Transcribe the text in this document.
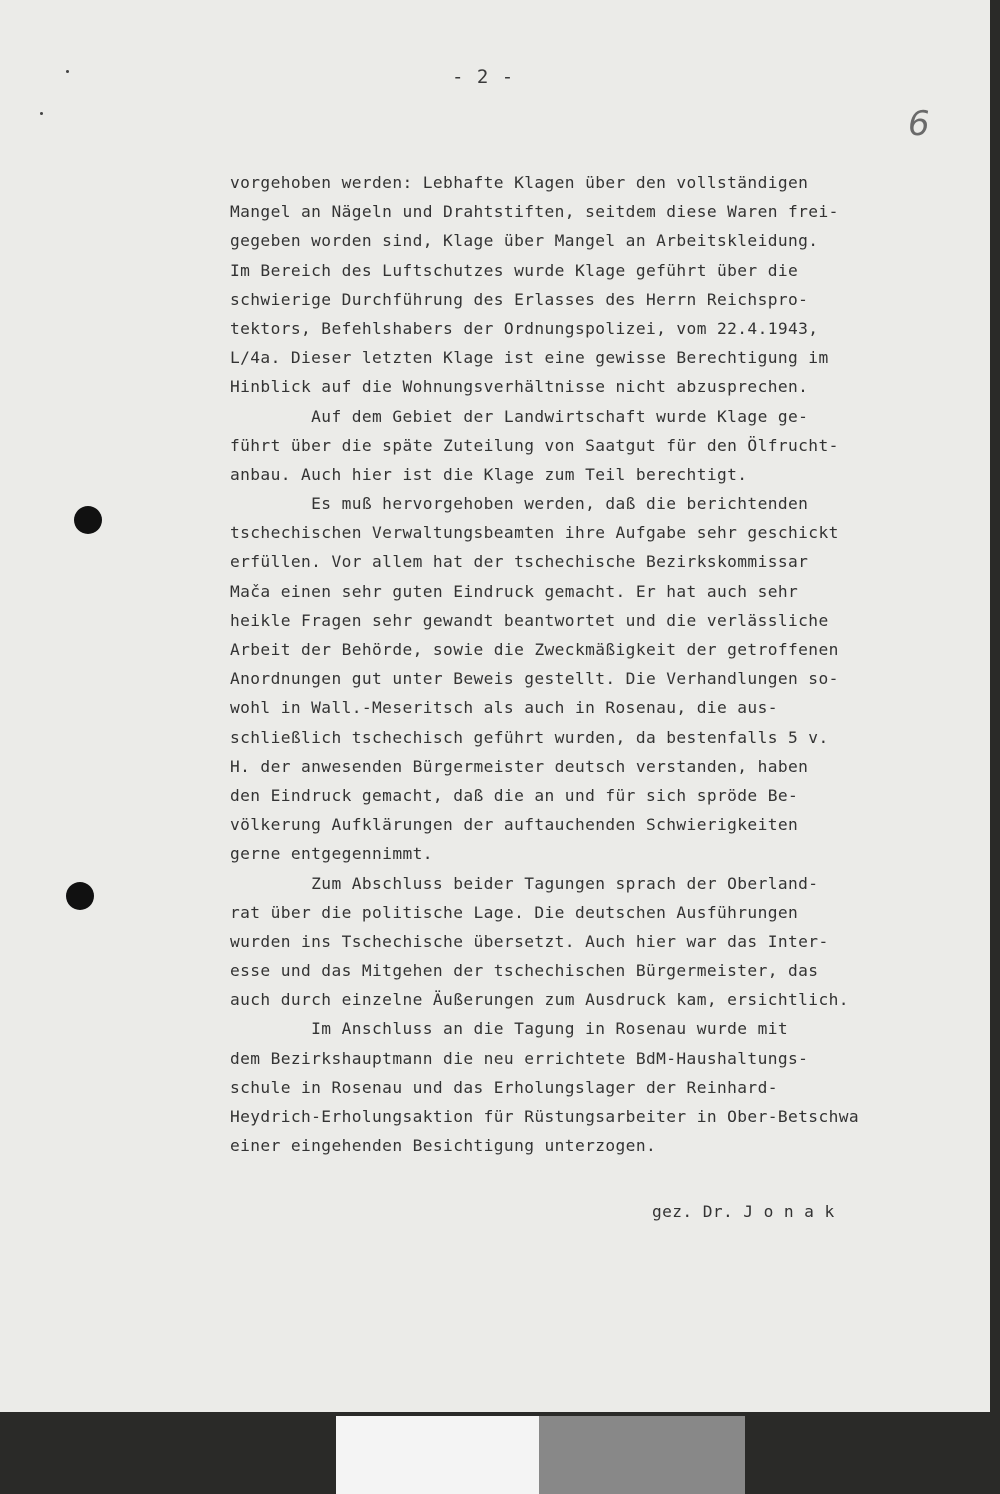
- 2 -
6
vorgehoben werden: Lebhafte Klagen über den vollständigen
Mangel an Nägeln und Drahtstiften, seitdem diese Waren frei-
gegeben worden sind, Klage über Mangel an Arbeitskleidung.
Im Bereich des Luftschutzes wurde Klage geführt über die
schwierige Durchführung des Erlasses des Herrn Reichspro-
tektors, Befehlshabers der Ordnungspolizei, vom 22.4.1943,
L/4a. Dieser letzten Klage ist eine gewisse Berechtigung im
Hinblick auf die Wohnungsverhältnisse nicht abzusprechen.
Auf dem Gebiet der Landwirtschaft wurde Klage ge-
führt über die späte Zuteilung von Saatgut für den Ölfrucht-
anbau. Auch hier ist die Klage zum Teil berechtigt.
Es muß hervorgehoben werden, daß die berichtenden
tschechischen Verwaltungsbeamten ihre Aufgabe sehr geschickt
erfüllen. Vor allem hat der tschechische Bezirkskommissar
Mača einen sehr guten Eindruck gemacht. Er hat auch sehr
heikle Fragen sehr gewandt beantwortet und die verlässliche
Arbeit der Behörde, sowie die Zweckmäßigkeit der getroffenen
Anordnungen gut unter Beweis gestellt. Die Verhandlungen so-
wohl in Wall.-Meseritsch als auch in Rosenau, die aus-
schließlich tschechisch geführt wurden, da bestenfalls 5 v.
H. der anwesenden Bürgermeister deutsch verstanden, haben
den Eindruck gemacht, daß die an und für sich spröde Be-
völkerung Aufklärungen der auftauchenden Schwierigkeiten
gerne entgegennimmt.
Zum Abschluss beider Tagungen sprach der Oberland-
rat über die politische Lage. Die deutschen Ausführungen
wurden ins Tschechische übersetzt. Auch hier war das Inter-
esse und das Mitgehen der tschechischen Bürgermeister, das
auch durch einzelne Äußerungen zum Ausdruck kam, ersichtlich.
Im Anschluss an die Tagung in Rosenau wurde mit
dem Bezirkshauptmann die neu errichtete BdM-Haushaltungs-
schule in Rosenau und das Erholungslager der Reinhard-
Heydrich-Erholungsaktion für Rüstungsarbeiter in Ober-Betschwa
einer eingehenden Besichtigung unterzogen.
gez. Dr. J o n a k
